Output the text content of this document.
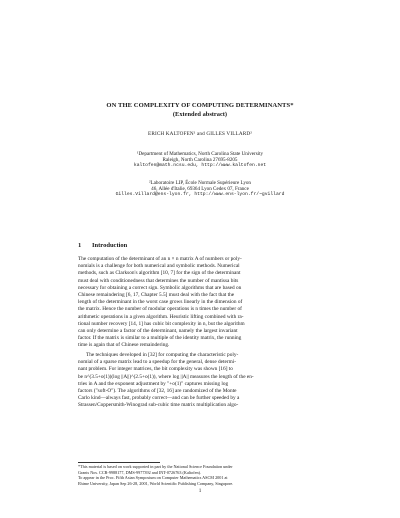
ON THE COMPLEXITY OF COMPUTING DETERMINANTS*
(Extended abstract)
ERICH KALTOFEN¹ and GILLES VILLARD²
¹Department of Mathematics, North Carolina State University
Raleigh, North Carolina 27695-8205
kaltofen@math.ncsu.edu, http://www.kaltofen.net
²Laboratoire LIP, École Normale Supérieure Lyon
46, Allée d'Italie, 69364 Lyon Cedex 07, France
Gilles.Villard@ens-lyon.fr, http://www.ens-lyon.fr/~gvillard
1 Introduction
The computation of the determinant of an n × n matrix A of numbers or poly-
nomials is a challenge for both numerical and symbolic methods. Numerical
methods, such as Clarkson's algorithm [10, 7] for the sign of the determinant
must deal with conditionedness that determines the number of mantissa bits
necessary for obtaining a correct sign. Symbolic algorithms that are based on
Chinese remaindering [6, 17, Chapter 5.5] must deal with the fact that the
length of the determinant in the worst case grows linearly in the dimension of
the matrix. Hence the number of modular operations is n times the number of
arithmetic operations in a given algorithm. Heuristic lifting combined with ra-
tional number recovery [14, 1] has cubic bit complexity in n, but the algorithm
can only determine a factor of the determinant, namely the largest invariant
factor. If the matrix is similar to a multiple of the identity matrix, the running
time is again that of Chinese remaindering.
The techniques developed in [32] for computing the characteristic poly-
nomial of a sparse matrix lead to a speedup for the general, dense determi-
nant problem. For integer matrices, the bit complexity was shown [16] to
be n^(3.5+o(1))(log ||A||)^(2.5+o(1)), where log ||A|| measures the length of the en-
tries in A and the exponent adjustment by "+o(1)" captures missing log
factors ("soft-O"). The algorithms of [32, 16] are randomized of the Monte
Carlo kind—always fast, probably correct—and can be further speeded by a
Strassen/Coppersmith-Winograd sub-cubic time matrix multiplication algo-
*This material is based on work supported in part by the National Science Foundation under
Grants Nos. CCR-9988177, DMS-9977392 and INT-0726763 (Kaltofen).
To appear in the Proc. Fifth Asian Symposium on Computer Mathematics ASCM 2001 at
Ehime University, Japan Sep 26-28, 2001, World Scientific Publishing Company, Singapore.
1
